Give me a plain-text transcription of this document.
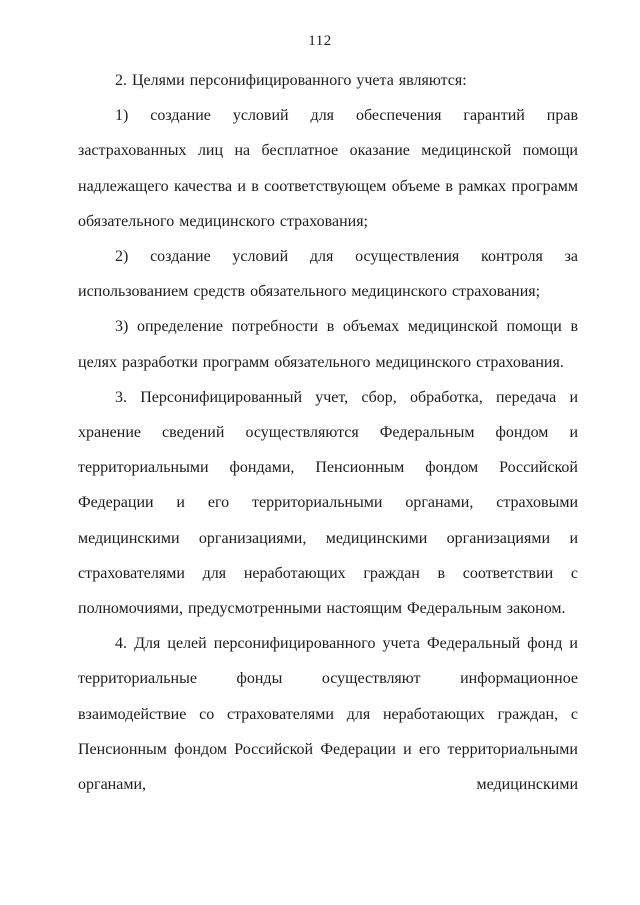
112

2. Целями персонифицированного учета являются:

1) создание условий для обеспечения гарантий прав застрахованных лиц на бесплатное оказание медицинской помощи надлежащего качества и в соответствующем объеме в рамках программ обязательного медицинского страхования;

2) создание условий для осуществления контроля за использованием средств обязательного медицинского страхования;

3) определение потребности в объемах медицинской помощи в целях разработки программ обязательного медицинского страхования.

3. Персонифицированный учет, сбор, обработка, передача и хранение сведений осуществляются Федеральным фондом и территориальными фондами, Пенсионным фондом Российской Федерации и его территориальными органами, страховыми медицинскими организациями, медицинскими организациями и страхователями для неработающих граждан в соответствии с полномочиями, предусмотренными настоящим Федеральным законом.

4. Для целей персонифицированного учета Федеральный фонд и территориальные фонды осуществляют информационное взаимодействие со страхователями для неработающих граждан, с Пенсионным фондом Российской Федерации и его территориальными органами, медицинскими
